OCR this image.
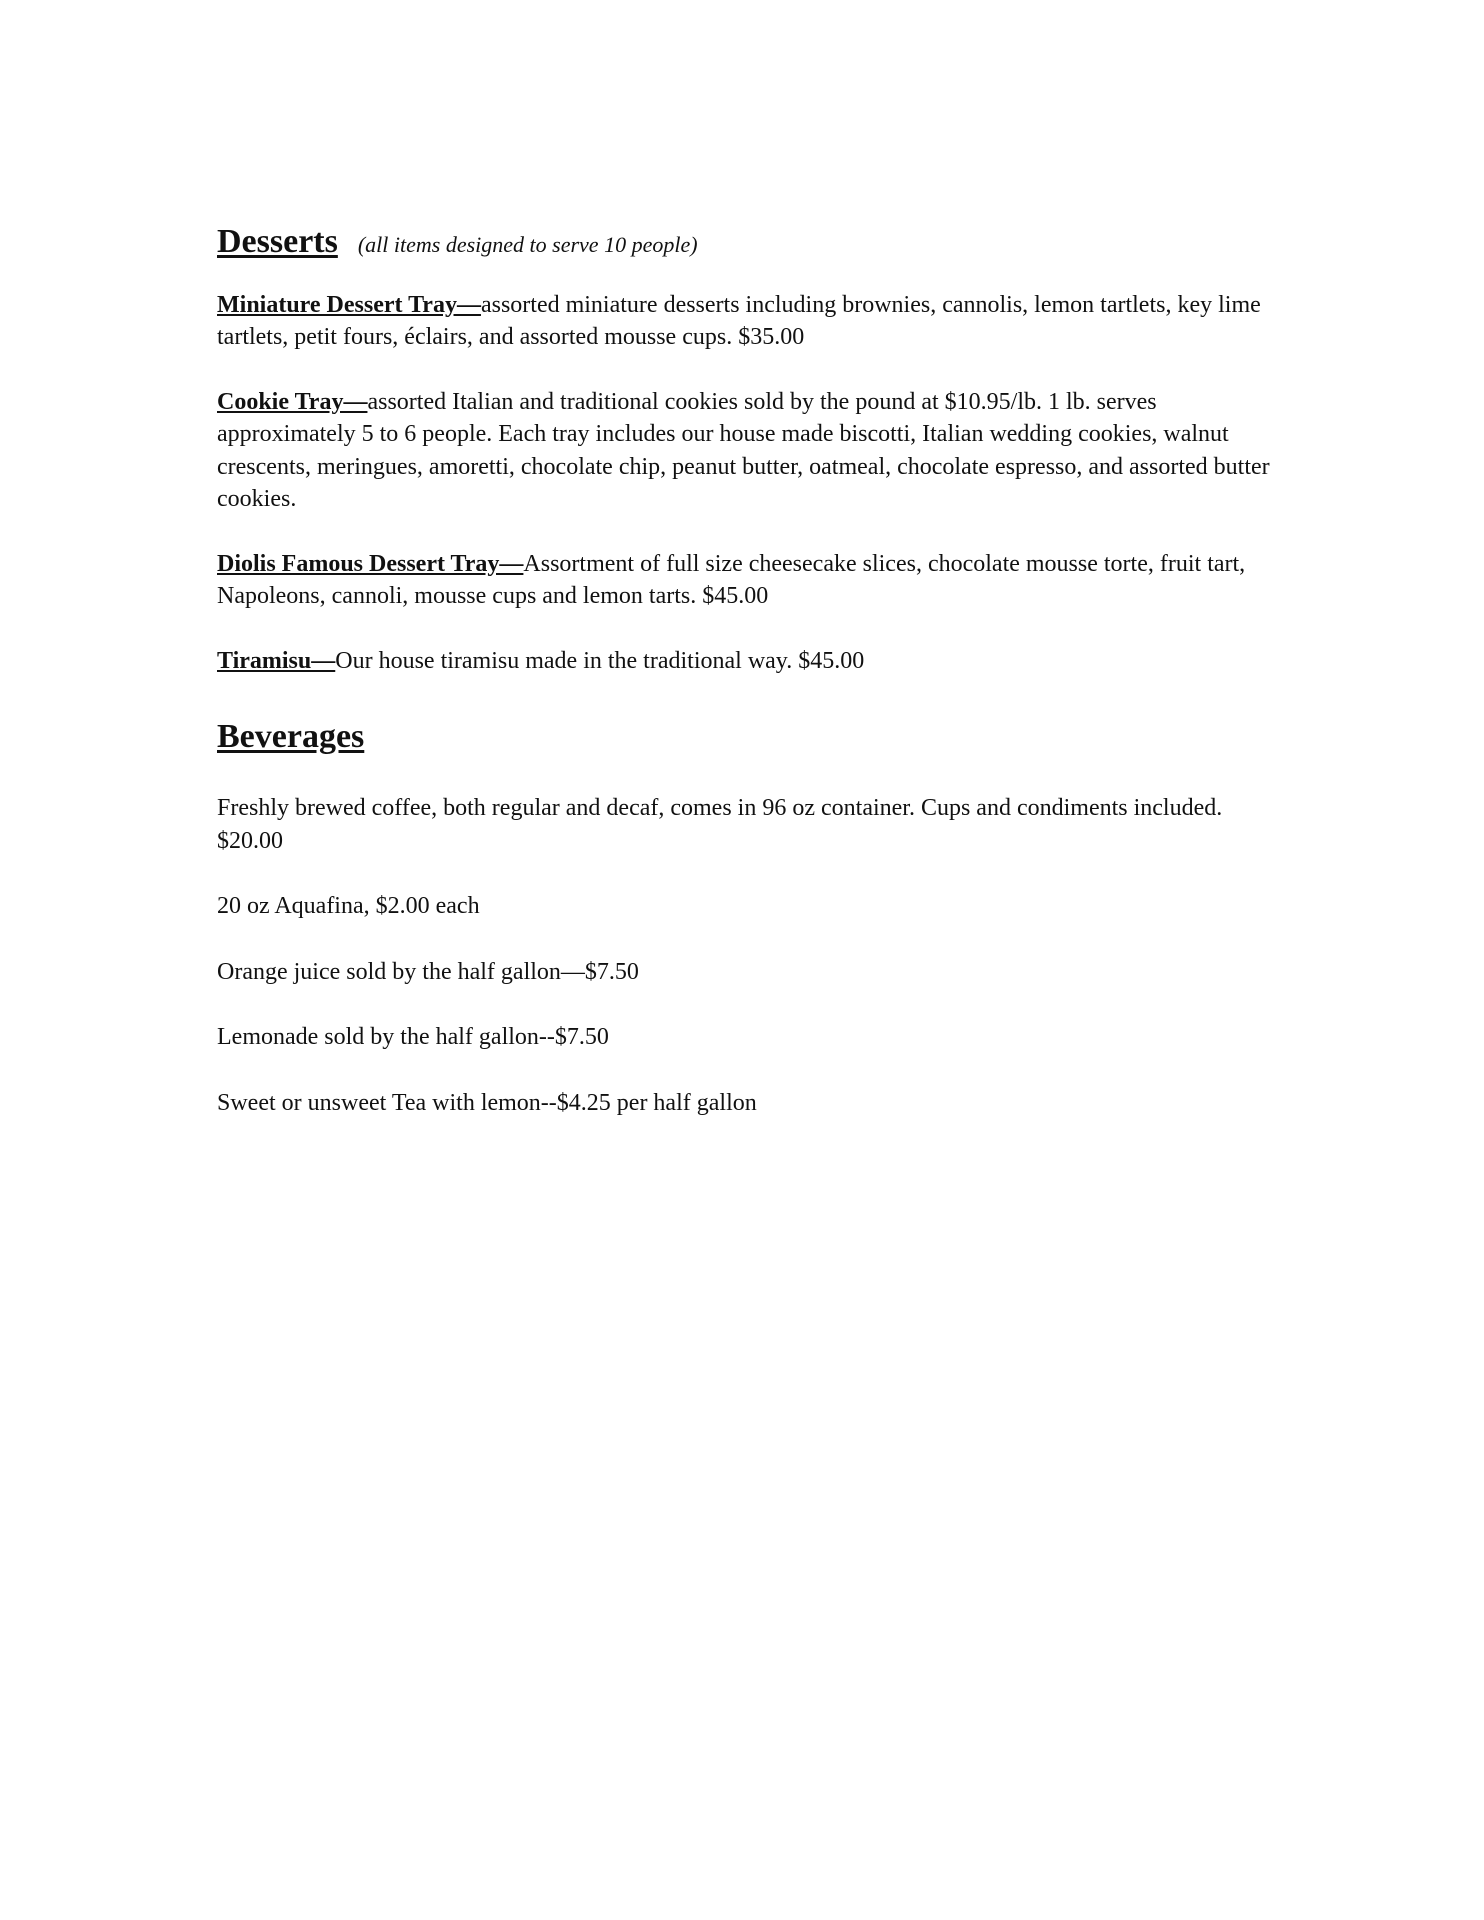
Desserts (all items designed to serve 10 people)

Miniature Dessert Tray—assorted miniature desserts including brownies, cannolis, lemon tartlets, key lime tartlets, petit fours, éclairs, and assorted mousse cups. $35.00

Cookie Tray—assorted Italian and traditional cookies sold by the pound at $10.95/lb. 1 lb. serves approximately 5 to 6 people. Each tray includes our house made biscotti, Italian wedding cookies, walnut crescents, meringues, amoretti, chocolate chip, peanut butter, oatmeal, chocolate espresso, and assorted butter cookies.

Diolis Famous Dessert Tray—Assortment of full size cheesecake slices, chocolate mousse torte, fruit tart, Napoleons, cannoli, mousse cups and lemon tarts. $45.00

Tiramisu—Our house tiramisu made in the traditional way. $45.00

Beverages

Freshly brewed coffee, both regular and decaf, comes in 96 oz container. Cups and condiments included. $20.00

20 oz Aquafina, $2.00 each

Orange juice sold by the half gallon—$7.50

Lemonade sold by the half gallon--$7.50

Sweet or unsweet Tea with lemon--$4.25 per half gallon
